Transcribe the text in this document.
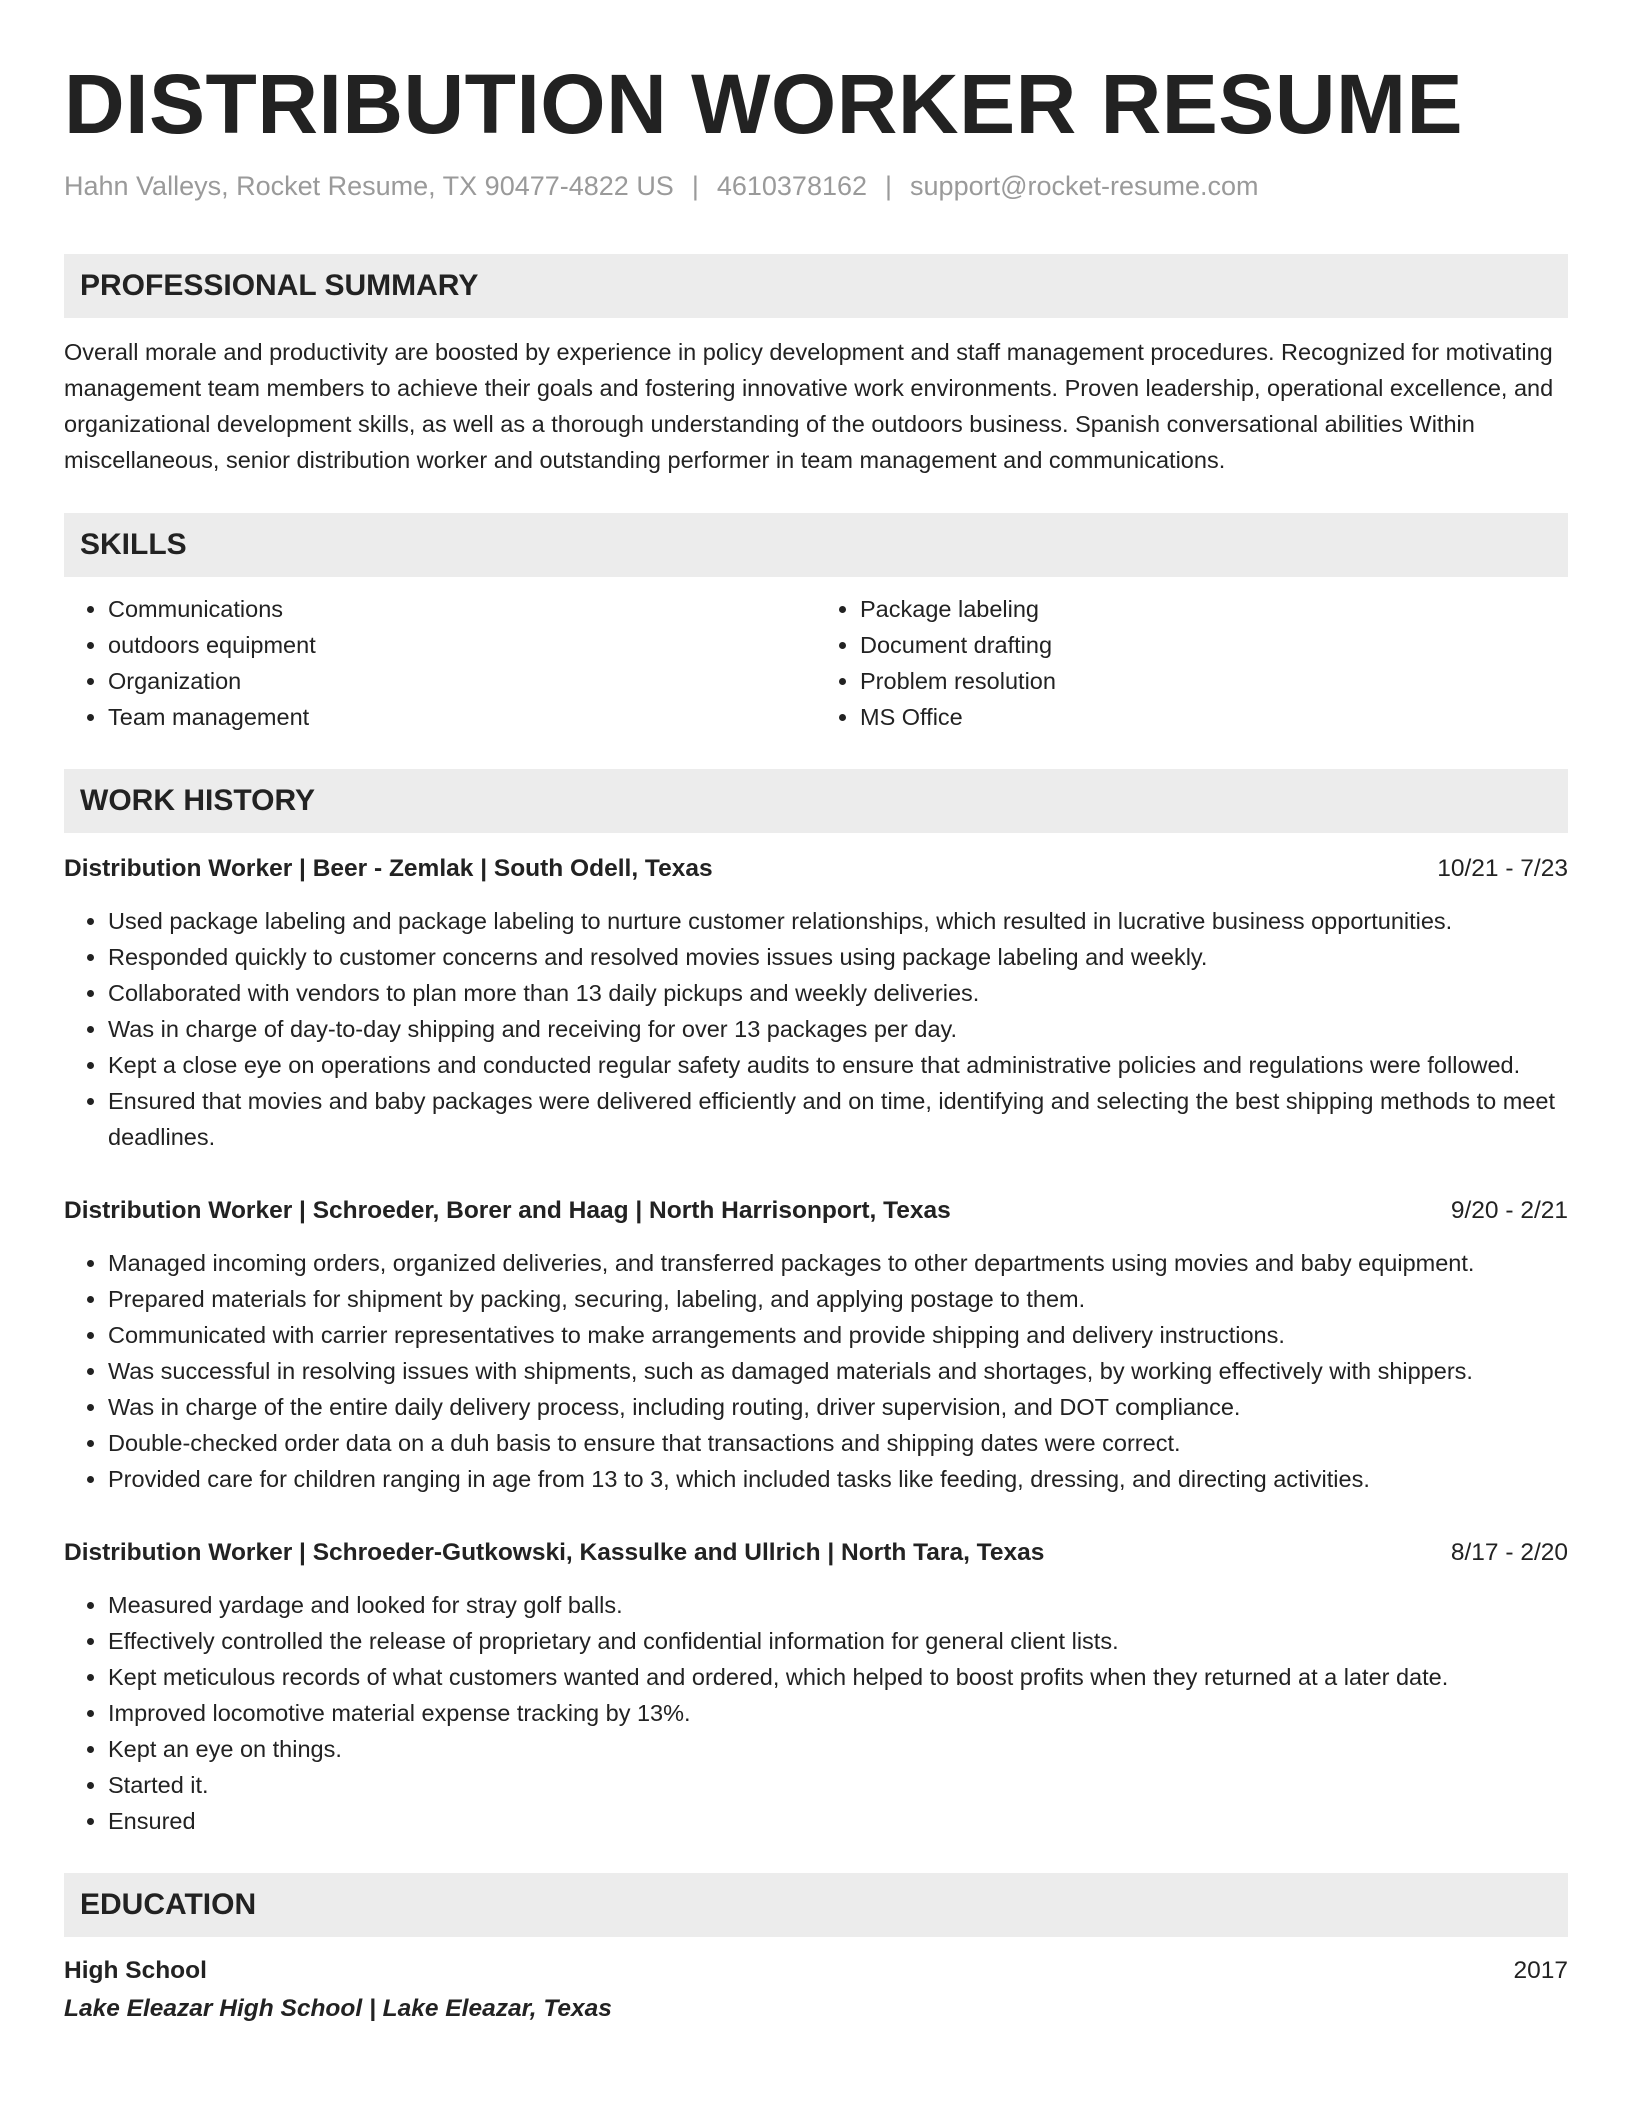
DISTRIBUTION WORKER RESUME
Hahn Valleys, Rocket Resume, TX 90477-4822 US | 4610378162 | support@rocket-resume.com
PROFESSIONAL SUMMARY
Overall morale and productivity are boosted by experience in policy development and staff management procedures. Recognized for motivating management team members to achieve their goals and fostering innovative work environments. Proven leadership, operational excellence, and organizational development skills, as well as a thorough understanding of the outdoors business. Spanish conversational abilities Within miscellaneous, senior distribution worker and outstanding performer in team management and communications.
SKILLS
• Communications
• outdoors equipment
• Organization
• Team management
• Package labeling
• Document drafting
• Problem resolution
• MS Office
WORK HISTORY
Distribution Worker | Beer - Zemlak | South Odell, Texas	10/21 - 7/23
• Used package labeling and package labeling to nurture customer relationships, which resulted in lucrative business opportunities.
• Responded quickly to customer concerns and resolved movies issues using package labeling and weekly.
• Collaborated with vendors to plan more than 13 daily pickups and weekly deliveries.
• Was in charge of day-to-day shipping and receiving for over 13 packages per day.
• Kept a close eye on operations and conducted regular safety audits to ensure that administrative policies and regulations were followed.
• Ensured that movies and baby packages were delivered efficiently and on time, identifying and selecting the best shipping methods to meet deadlines.
Distribution Worker | Schroeder, Borer and Haag | North Harrisonport, Texas	9/20 - 2/21
• Managed incoming orders, organized deliveries, and transferred packages to other departments using movies and baby equipment.
• Prepared materials for shipment by packing, securing, labeling, and applying postage to them.
• Communicated with carrier representatives to make arrangements and provide shipping and delivery instructions.
• Was successful in resolving issues with shipments, such as damaged materials and shortages, by working effectively with shippers.
• Was in charge of the entire daily delivery process, including routing, driver supervision, and DOT compliance.
• Double-checked order data on a duh basis to ensure that transactions and shipping dates were correct.
• Provided care for children ranging in age from 13 to 3, which included tasks like feeding, dressing, and directing activities.
Distribution Worker | Schroeder-Gutkowski, Kassulke and Ullrich | North Tara, Texas	8/17 - 2/20
• Measured yardage and looked for stray golf balls.
• Effectively controlled the release of proprietary and confidential information for general client lists.
• Kept meticulous records of what customers wanted and ordered, which helped to boost profits when they returned at a later date.
• Improved locomotive material expense tracking by 13%.
• Kept an eye on things.
• Started it.
• Ensured
EDUCATION
High School	2017
Lake Eleazar High School | Lake Eleazar, Texas
